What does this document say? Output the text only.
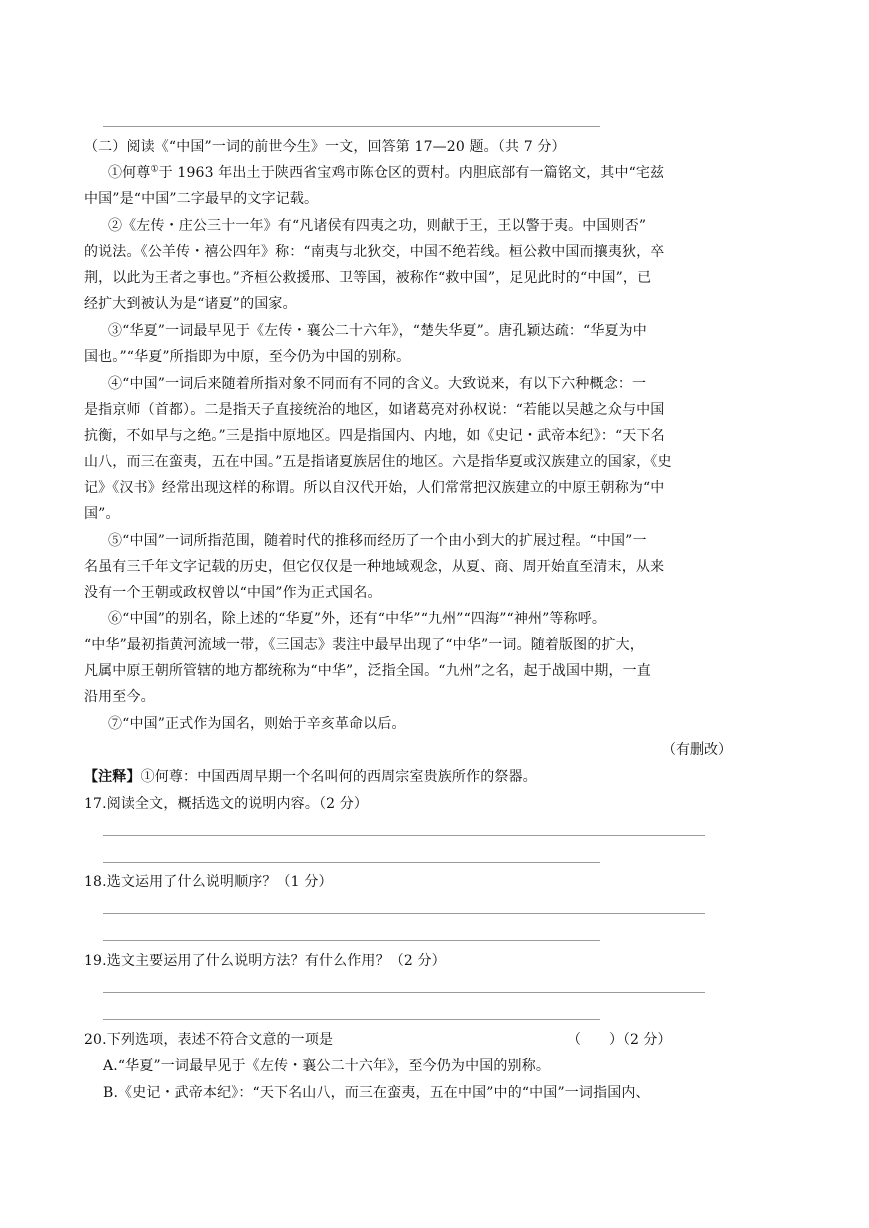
（二）阅读《“中国”一词的前世今生》一文，回答第 17—20 题。（共 7 分）
①何尊①于 1963 年出土于陕西省宝鸡市陈仓区的贾村。内胆底部有一篇铭文，其中“宅兹
中国”是“中国”二字最早的文字记载。
②《左传・庄公三十一年》有“凡诸侯有四夷之功，则献于王，王以警于夷。中国则否”
的说法。《公羊传・禧公四年》称：“南夷与北狄交，中国不绝若线。桓公救中国而攘夷狄，卒
荆，以此为王者之事也。”齐桓公救援邢、卫等国，被称作“救中国”，足见此时的“中国”，已
经扩大到被认为是“诸夏”的国家。
③“华夏”一词最早见于《左传・襄公二十六年》，“楚失华夏”。唐孔颖达疏：“华夏为中
国也。”“华夏”所指即为中原，至今仍为中国的别称。
④“中国”一词后来随着所指对象不同而有不同的含义。大致说来，有以下六种概念：一
是指京师（首都）。二是指天子直接统治的地区，如诸葛亮对孙权说：“若能以吴越之众与中国
抗衡，不如早与之绝。”三是指中原地区。四是指国内、内地，如《史记・武帝本纪》：“天下名
山八，而三在蛮夷，五在中国。”五是指诸夏族居住的地区。六是指华夏或汉族建立的国家，《史
记》《汉书》经常出现这样的称谓。所以自汉代开始，人们常常把汉族建立的中原王朝称为“中
国”。
⑤“中国”一词所指范围，随着时代的推移而经历了一个由小到大的扩展过程。“中国”一
名虽有三千年文字记载的历史，但它仅仅是一种地域观念，从夏、商、周开始直至清末，从来
没有一个王朝或政权曾以“中国”作为正式国名。
⑥“中国”的别名，除上述的“华夏”外，还有“中华”“九州”“四海”“神州”等称呼。
“中华”最初指黄河流域一带，《三国志》裴注中最早出现了“中华”一词。随着版图的扩大，
凡属中原王朝所管辖的地方都统称为“中华”，泛指全国。“九州”之名，起于战国中期，一直
沿用至今。
⑦“中国”正式作为国名，则始于辛亥革命以后。
（有删改）
【注释】①何尊：中国西周早期一个名叫何的西周宗室贵族所作的祭器。
17.阅读全文，概括选文的说明内容。（2 分）
18.选文运用了什么说明顺序？（1 分）
19.选文主要运用了什么说明方法？有什么作用？（2 分）
20.下列选项，表述不符合文意的一项是	（　　）（2 分）
A.“华夏”一词最早见于《左传・襄公二十六年》，至今仍为中国的别称。
B.《史记・武帝本纪》：“天下名山八，而三在蛮夷，五在中国”中的“中国”一词指国内、
